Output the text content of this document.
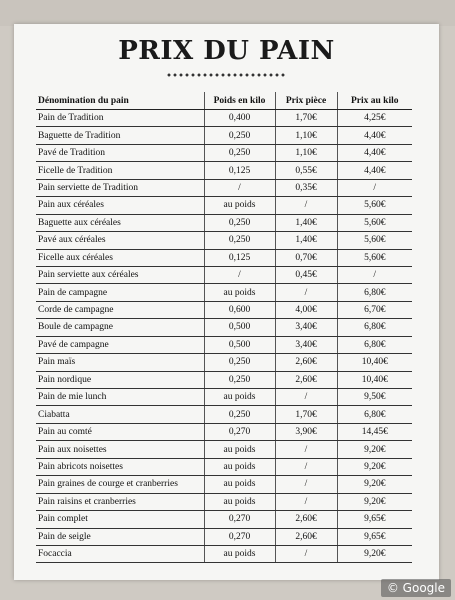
PRIX DU PAIN
Dénomination du pain	Poids en kilo	Prix pièce	Prix au kilo
Pain de Tradition	0,400	1,70€	4,25€
Baguette de Tradition	0,250	1,10€	4,40€
Pavé de Tradition	0,250	1,10€	4,40€
Ficelle de Tradition	0,125	0,55€	4,40€
Pain serviette de Tradition	/	0,35€	/
Pain aux céréales	au poids	/	5,60€
Baguette aux céréales	0,250	1,40€	5,60€
Pavé aux céréales	0,250	1,40€	5,60€
Ficelle aux céréales	0,125	0,70€	5,60€
Pain serviette aux céréales	/	0,45€	/
Pain de campagne	au poids	/	6,80€
Corde de campagne	0,600	4,00€	6,70€
Boule de campagne	0,500	3,40€	6,80€
Pavé de campagne	0,500	3,40€	6,80€
Pain maïs	0,250	2,60€	10,40€
Pain nordique	0,250	2,60€	10,40€
Pain de mie lunch	au poids	/	9,50€
Ciabatta	0,250	1,70€	6,80€
Pain au comté	0,270	3,90€	14,45€
Pain aux noisettes	au poids	/	9,20€
Pain abricots noisettes	au poids	/	9,20€
Pain graines de courge et cranberries	au poids	/	9,20€
Pain raisins et cranberries	au poids	/	9,20€
Pain complet	0,270	2,60€	9,65€
Pain de seigle	0,270	2,60€	9,65€
Focaccia	au poids	/	9,20€
© Google
